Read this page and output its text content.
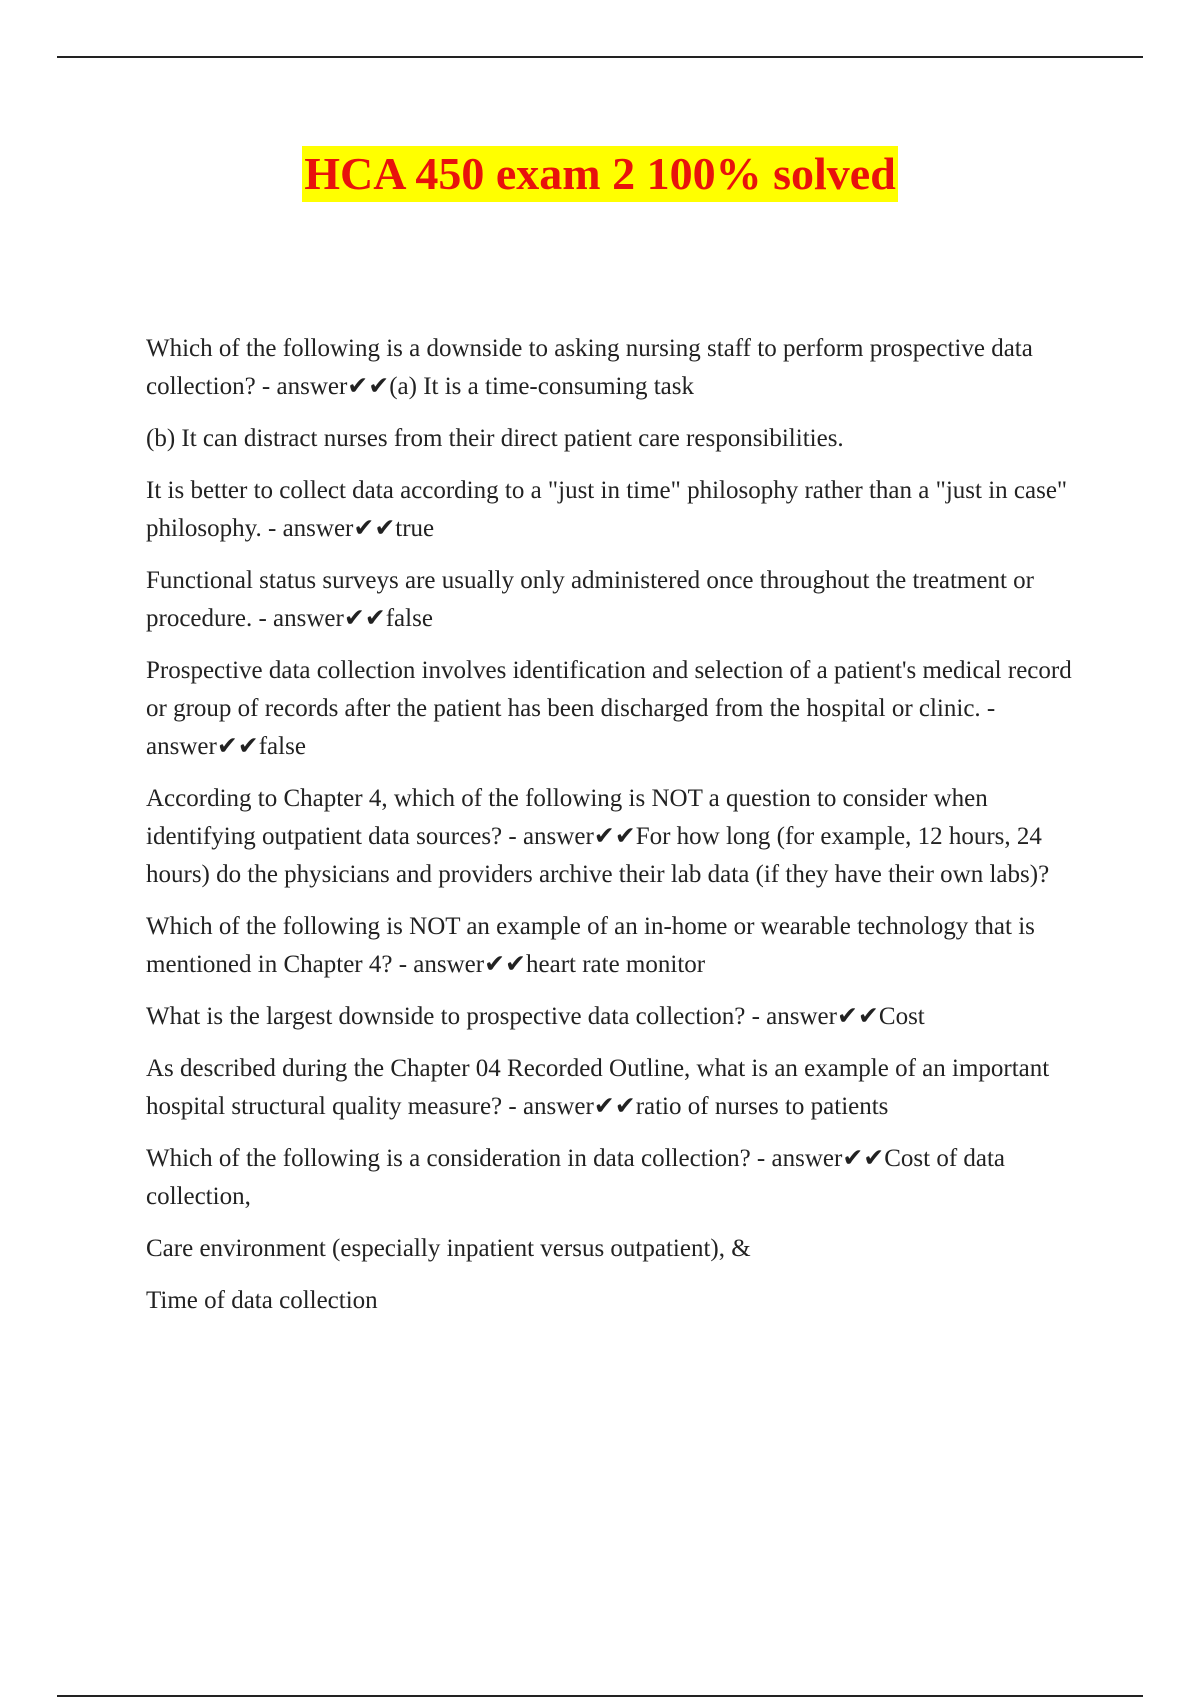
HCA 450 exam 2 100% solved

Which of the following is a downside to asking nursing staff to perform prospective data collection? - answer✔✔(a) It is a time-consuming task

(b) It can distract nurses from their direct patient care responsibilities.

It is better to collect data according to a "just in time" philosophy rather than a "just in case" philosophy. - answer✔✔true

Functional status surveys are usually only administered once throughout the treatment or procedure. - answer✔✔false

Prospective data collection involves identification and selection of a patient's medical record or group of records after the patient has been discharged from the hospital or clinic. - answer✔✔false

According to Chapter 4, which of the following is NOT a question to consider when identifying outpatient data sources? - answer✔✔For how long (for example, 12 hours, 24 hours) do the physicians and providers archive their lab data (if they have their own labs)?

Which of the following is NOT an example of an in-home or wearable technology that is mentioned in Chapter 4? - answer✔✔heart rate monitor

What is the largest downside to prospective data collection? - answer✔✔Cost

As described during the Chapter 04 Recorded Outline, what is an example of an important hospital structural quality measure? - answer✔✔ratio of nurses to patients

Which of the following is a consideration in data collection? - answer✔✔Cost of data collection,

Care environment (especially inpatient versus outpatient), &

Time of data collection
